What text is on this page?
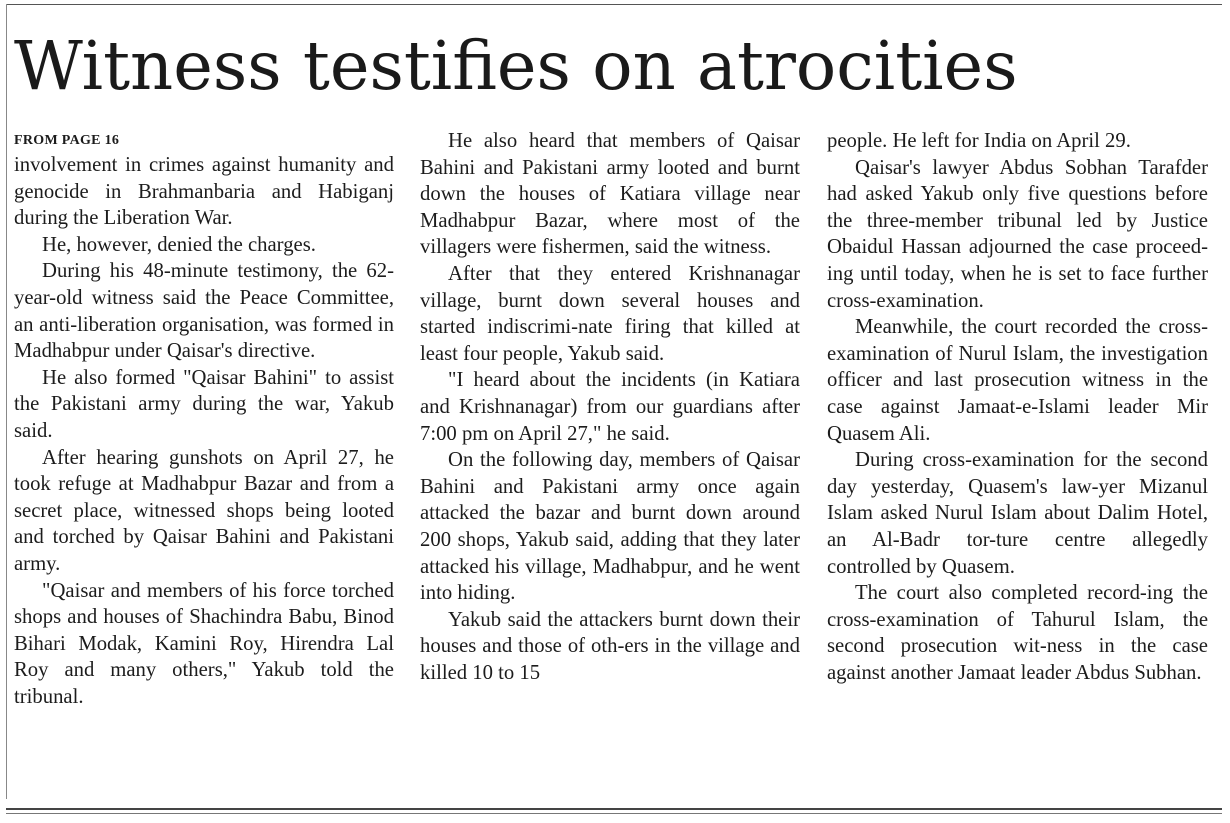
Witness testifies on atrocities
FROM PAGE 16

involvement in crimes against humanity and genocide in Brahmanbaria and Habiganj during the Liberation War.

He, however, denied the charges.

During his 48-minute testimony, the 62-year-old witness said the Peace Committee, an anti-liberation organisation, was formed in Madhabpur under Qaisar's directive.

He also formed "Qaisar Bahini" to assist the Pakistani army during the war, Yakub said.

After hearing gunshots on April 27, he took refuge at Madhabpur Bazar and from a secret place, witnessed shops being looted and torched by Qaisar Bahini and Pakistani army.

"Qaisar and members of his force torched shops and houses of Shachindra Babu, Binod Bihari Modak, Kamini Roy, Hirendra Lal Roy and many others," Yakub told the tribunal.

He also heard that members of Qaisar Bahini and Pakistani army looted and burnt down the houses of Katiara village near Madhabpur Bazar, where most of the villagers were fishermen, said the witness.

After that they entered Krishnanagar village, burnt down several houses and started indiscrimi-nate firing that killed at least four people, Yakub said.

"I heard about the incidents (in Katiara and Krishnanagar) from our guardians after 7:00 pm on April 27," he said.

On the following day, members of Qaisar Bahini and Pakistani army once again attacked the bazar and burnt down around 200 shops, Yakub said, adding that they later attacked his village, Madhabpur, and he went into hiding.

Yakub said the attackers burnt down their houses and those of oth-ers in the village and killed 10 to 15

people. He left for India on April 29.

Qaisar's lawyer Abdus Sobhan Tarafder had asked Yakub only five questions before the three-member tribunal led by Justice Obaidul Hassan adjourned the case proceed-ing until today, when he is set to face further cross-examination.

Meanwhile, the court recorded the cross-examination of Nurul Islam, the investigation officer and last prosecution witness in the case against Jamaat-e-Islami leader Mir Quasem Ali.

During cross-examination for the second day yesterday, Quasem's law-yer Mizanul Islam asked Nurul Islam about Dalim Hotel, an Al-Badr tor-ture centre allegedly controlled by Quasem.

The court also completed record-ing the cross-examination of Tahurul Islam, the second prosecution wit-ness in the case against another Jamaat leader Abdus Subhan.
